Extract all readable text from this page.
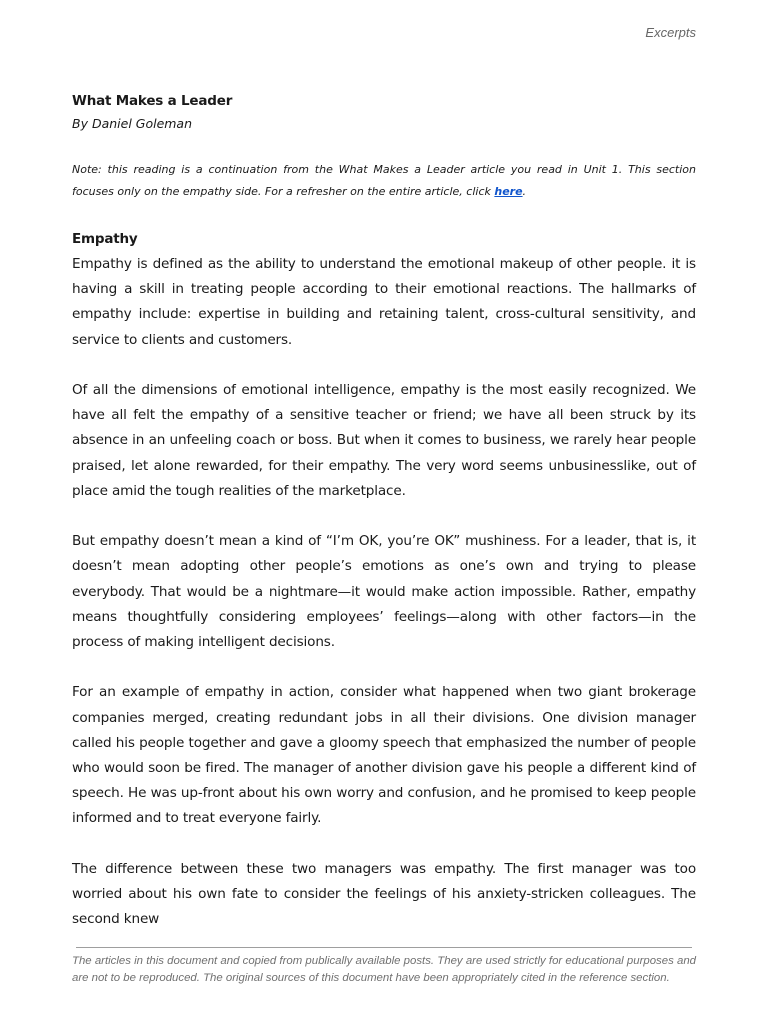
Excerpts
What Makes a Leader

By Daniel Goleman

Note: this reading is a continuation from the What Makes a Leader article you read in Unit 1. This section focuses only on the empathy side. For a refresher on the entire article, click here.
Empathy

Empathy is defined as the ability to understand the emotional makeup of other people. it is having a skill in treating people according to their emotional reactions. The hallmarks of empathy include: expertise in building and retaining talent, cross-cultural sensitivity, and service to clients and customers.

Of all the dimensions of emotional intelligence, empathy is the most easily recognized. We have all felt the empathy of a sensitive teacher or friend; we have all been struck by its absence in an unfeeling coach or boss. But when it comes to business, we rarely hear people praised, let alone rewarded, for their empathy. The very word seems unbusinesslike, out of place amid the tough realities of the marketplace.

But empathy doesn’t mean a kind of “I’m OK, you’re OK” mushiness. For a leader, that is, it doesn’t mean adopting other people’s emotions as one’s own and trying to please everybody. That would be a nightmare—it would make action impossible. Rather, empathy means thoughtfully considering employees’ feelings—along with other factors—in the process of making intelligent decisions.

For an example of empathy in action, consider what happened when two giant brokerage companies merged, creating redundant jobs in all their divisions. One division manager called his people together and gave a gloomy speech that emphasized the number of people who would soon be fired. The manager of another division gave his people a different kind of speech. He was up-front about his own worry and confusion, and he promised to keep people informed and to treat everyone fairly.

The difference between these two managers was empathy. The first manager was too worried about his own fate to consider the feelings of his anxiety-stricken colleagues. The second knew

The articles in this document and copied from publically available posts. They are used strictly for educational purposes and are not to be reproduced. The original sources of this document have been appropriately cited in the reference section.
